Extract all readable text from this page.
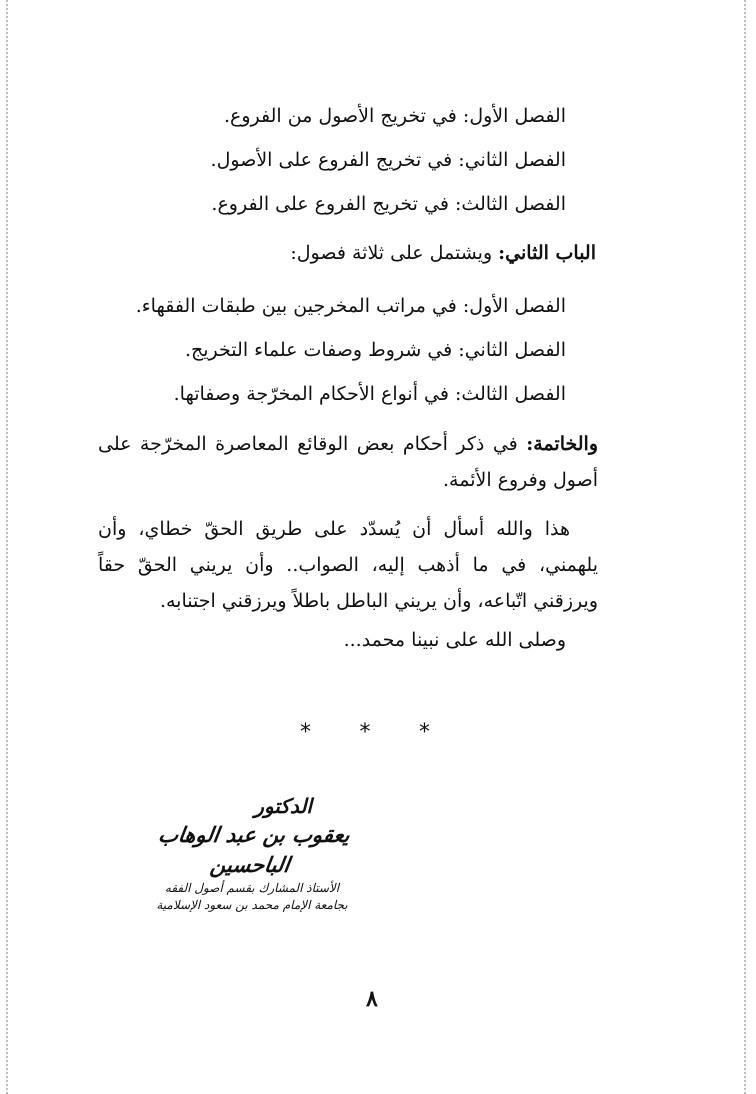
الفصل الأول: في تخريج الأصول من الفروع.
الفصل الثاني: في تخريج الفروع على الأصول.
الفصل الثالث: في تخريج الفروع على الفروع.
الباب الثاني: ويشتمل على ثلاثة فصول:
الفصل الأول: في مراتب المخرجين بين طبقات الفقهاء.
الفصل الثاني: في شروط وصفات علماء التخريج.
الفصل الثالث: في أنواع الأحكام المخرّجة وصفاتها.
والخاتمة: في ذكر أحكام بعض الوقائع المعاصرة المخرّجة على أصول وفروع الأئمة.
هذا والله أسأل أن يُسدّد على طريق الحقّ خطاي، وأن يلهمني، في ما أذهب إليه، الصواب.. وأن يريني الحقّ حقاً ويرزقني اتّباعه، وأن يريني الباطل باطلاً ويرزقني اجتنابه.
وصلى الله على نبينا محمد...
* * *
الدكتور
يعقوب بن عبد الوهاب الباحسين
الأستاذ المشارك بقسم أصول الفقه
بجامعة الإمام محمد بن سعود الإسلامية
٨
